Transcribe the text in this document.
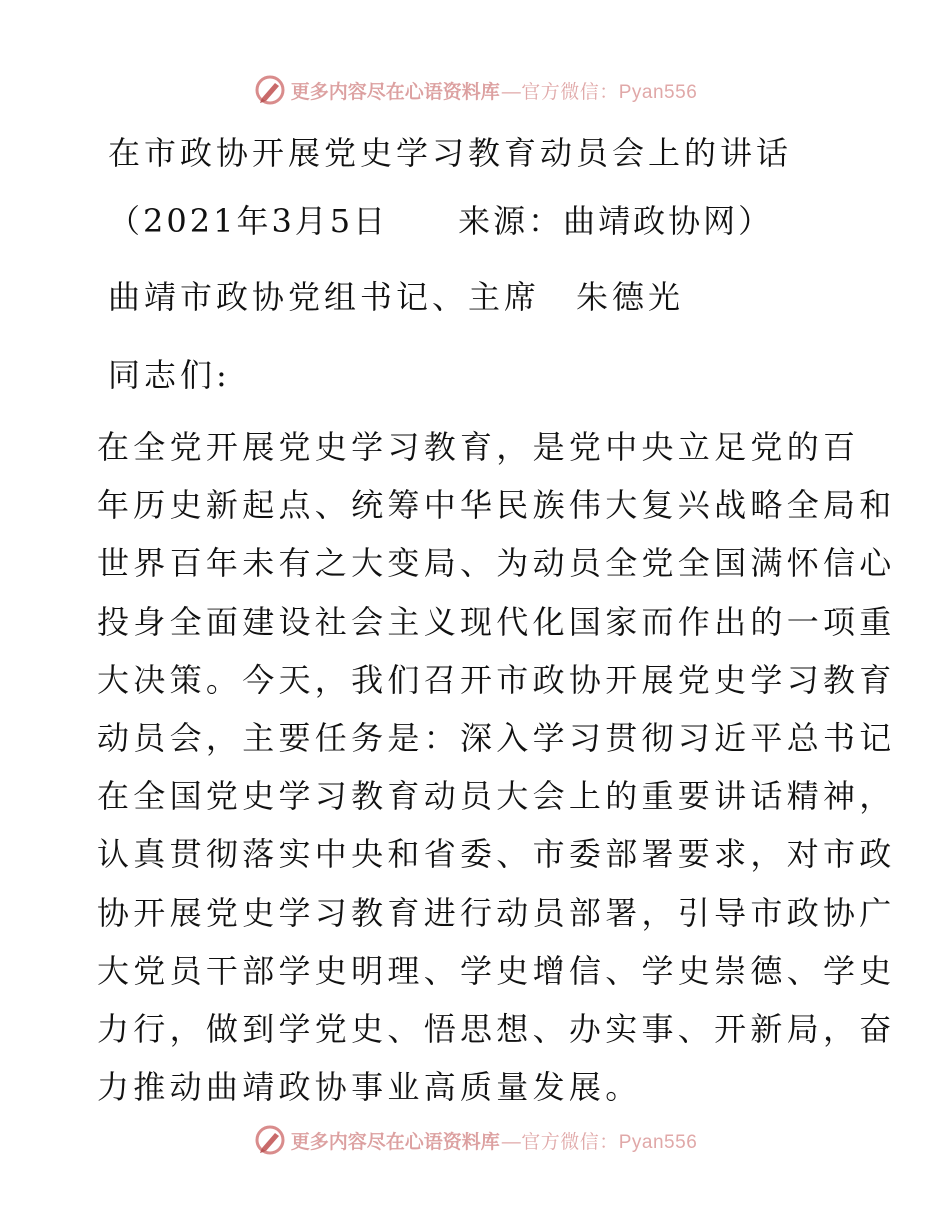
更多内容尽在心语资料库 —官方微信：Pyan556
在市政协开展党史学习教育动员会上的讲话
（2021年3月5日　　来源：曲靖政协网）
曲靖市政协党组书记、主席　朱德光
同志们:
在全党开展党史学习教育，是党中央立足党的百
年历史新起点、统筹中华民族伟大复兴战略全局和
世界百年未有之大变局、为动员全党全国满怀信心
投身全面建设社会主义现代化国家而作出的一项重
大决策。今天，我们召开市政协开展党史学习教育
动员会，主要任务是：深入学习贯彻习近平总书记
在全国党史学习教育动员大会上的重要讲话精神，
认真贯彻落实中央和省委、市委部署要求，对市政
协开展党史学习教育进行动员部署，引导市政协广
大党员干部学史明理、学史增信、学史崇德、学史
力行，做到学党史、悟思想、办实事、开新局，奋
力推动曲靖政协事业高质量发展。
更多内容尽在心语资料库 —官方微信：Pyan556
